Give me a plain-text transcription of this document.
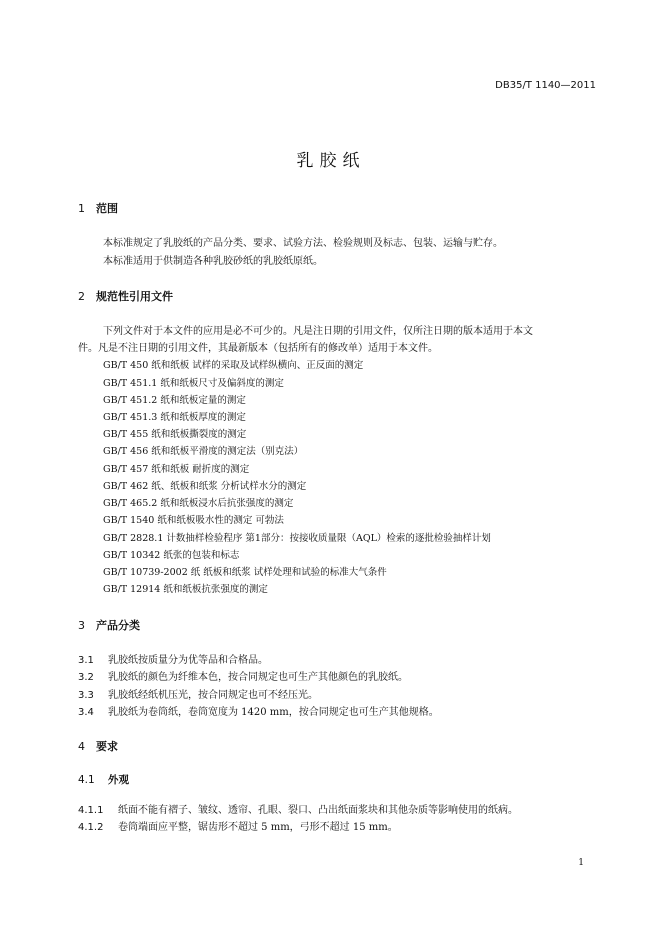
DB35/T 1140—2011
乳胶纸
1 范围
本标准规定了乳胶纸的产品分类、要求、试验方法、检验规则及标志、包装、运输与贮存。
本标准适用于供制造各种乳胶砂纸的乳胶纸原纸。
2 规范性引用文件
下列文件对于本文件的应用是必不可少的。凡是注日期的引用文件，仅所注日期的版本适用于本文
件。凡是不注日期的引用文件，其最新版本（包括所有的修改单）适用于本文件。
GB/T 450 纸和纸板 试样的采取及试样纵横向、正反面的测定
GB/T 451.1 纸和纸板尺寸及偏斜度的测定
GB/T 451.2 纸和纸板定量的测定
GB/T 451.3 纸和纸板厚度的测定
GB/T 455 纸和纸板撕裂度的测定
GB/T 456 纸和纸板平滑度的测定法（别克法）
GB/T 457 纸和纸板 耐折度的测定
GB/T 462 纸、纸板和纸浆 分析试样水分的测定
GB/T 465.2 纸和纸板浸水后抗张强度的测定
GB/T 1540 纸和纸板吸水性的测定 可勃法
GB/T 2828.1 计数抽样检验程序 第1部分：按接收质量限（AQL）检索的逐批检验抽样计划
GB/T 10342 纸张的包装和标志
GB/T 10739-2002 纸 纸板和纸浆 试样处理和试验的标准大气条件
GB/T 12914 纸和纸板抗张强度的测定
3 产品分类
3.1 乳胶纸按质量分为优等品和合格品。
3.2 乳胶纸的颜色为纤维本色，按合同规定也可生产其他颜色的乳胶纸。
3.3 乳胶纸经纸机压光，按合同规定也可不经压光。
3.4 乳胶纸为卷筒纸，卷筒宽度为 1420 mm，按合同规定也可生产其他规格。
4 要求
4.1 外观
4.1.1 纸面不能有褶子、皱纹、透帘、孔眼、裂口、凸出纸面浆块和其他杂质等影响使用的纸病。
4.1.2 卷筒端面应平整，锯齿形不超过 5 mm，弓形不超过 15 mm。
1
